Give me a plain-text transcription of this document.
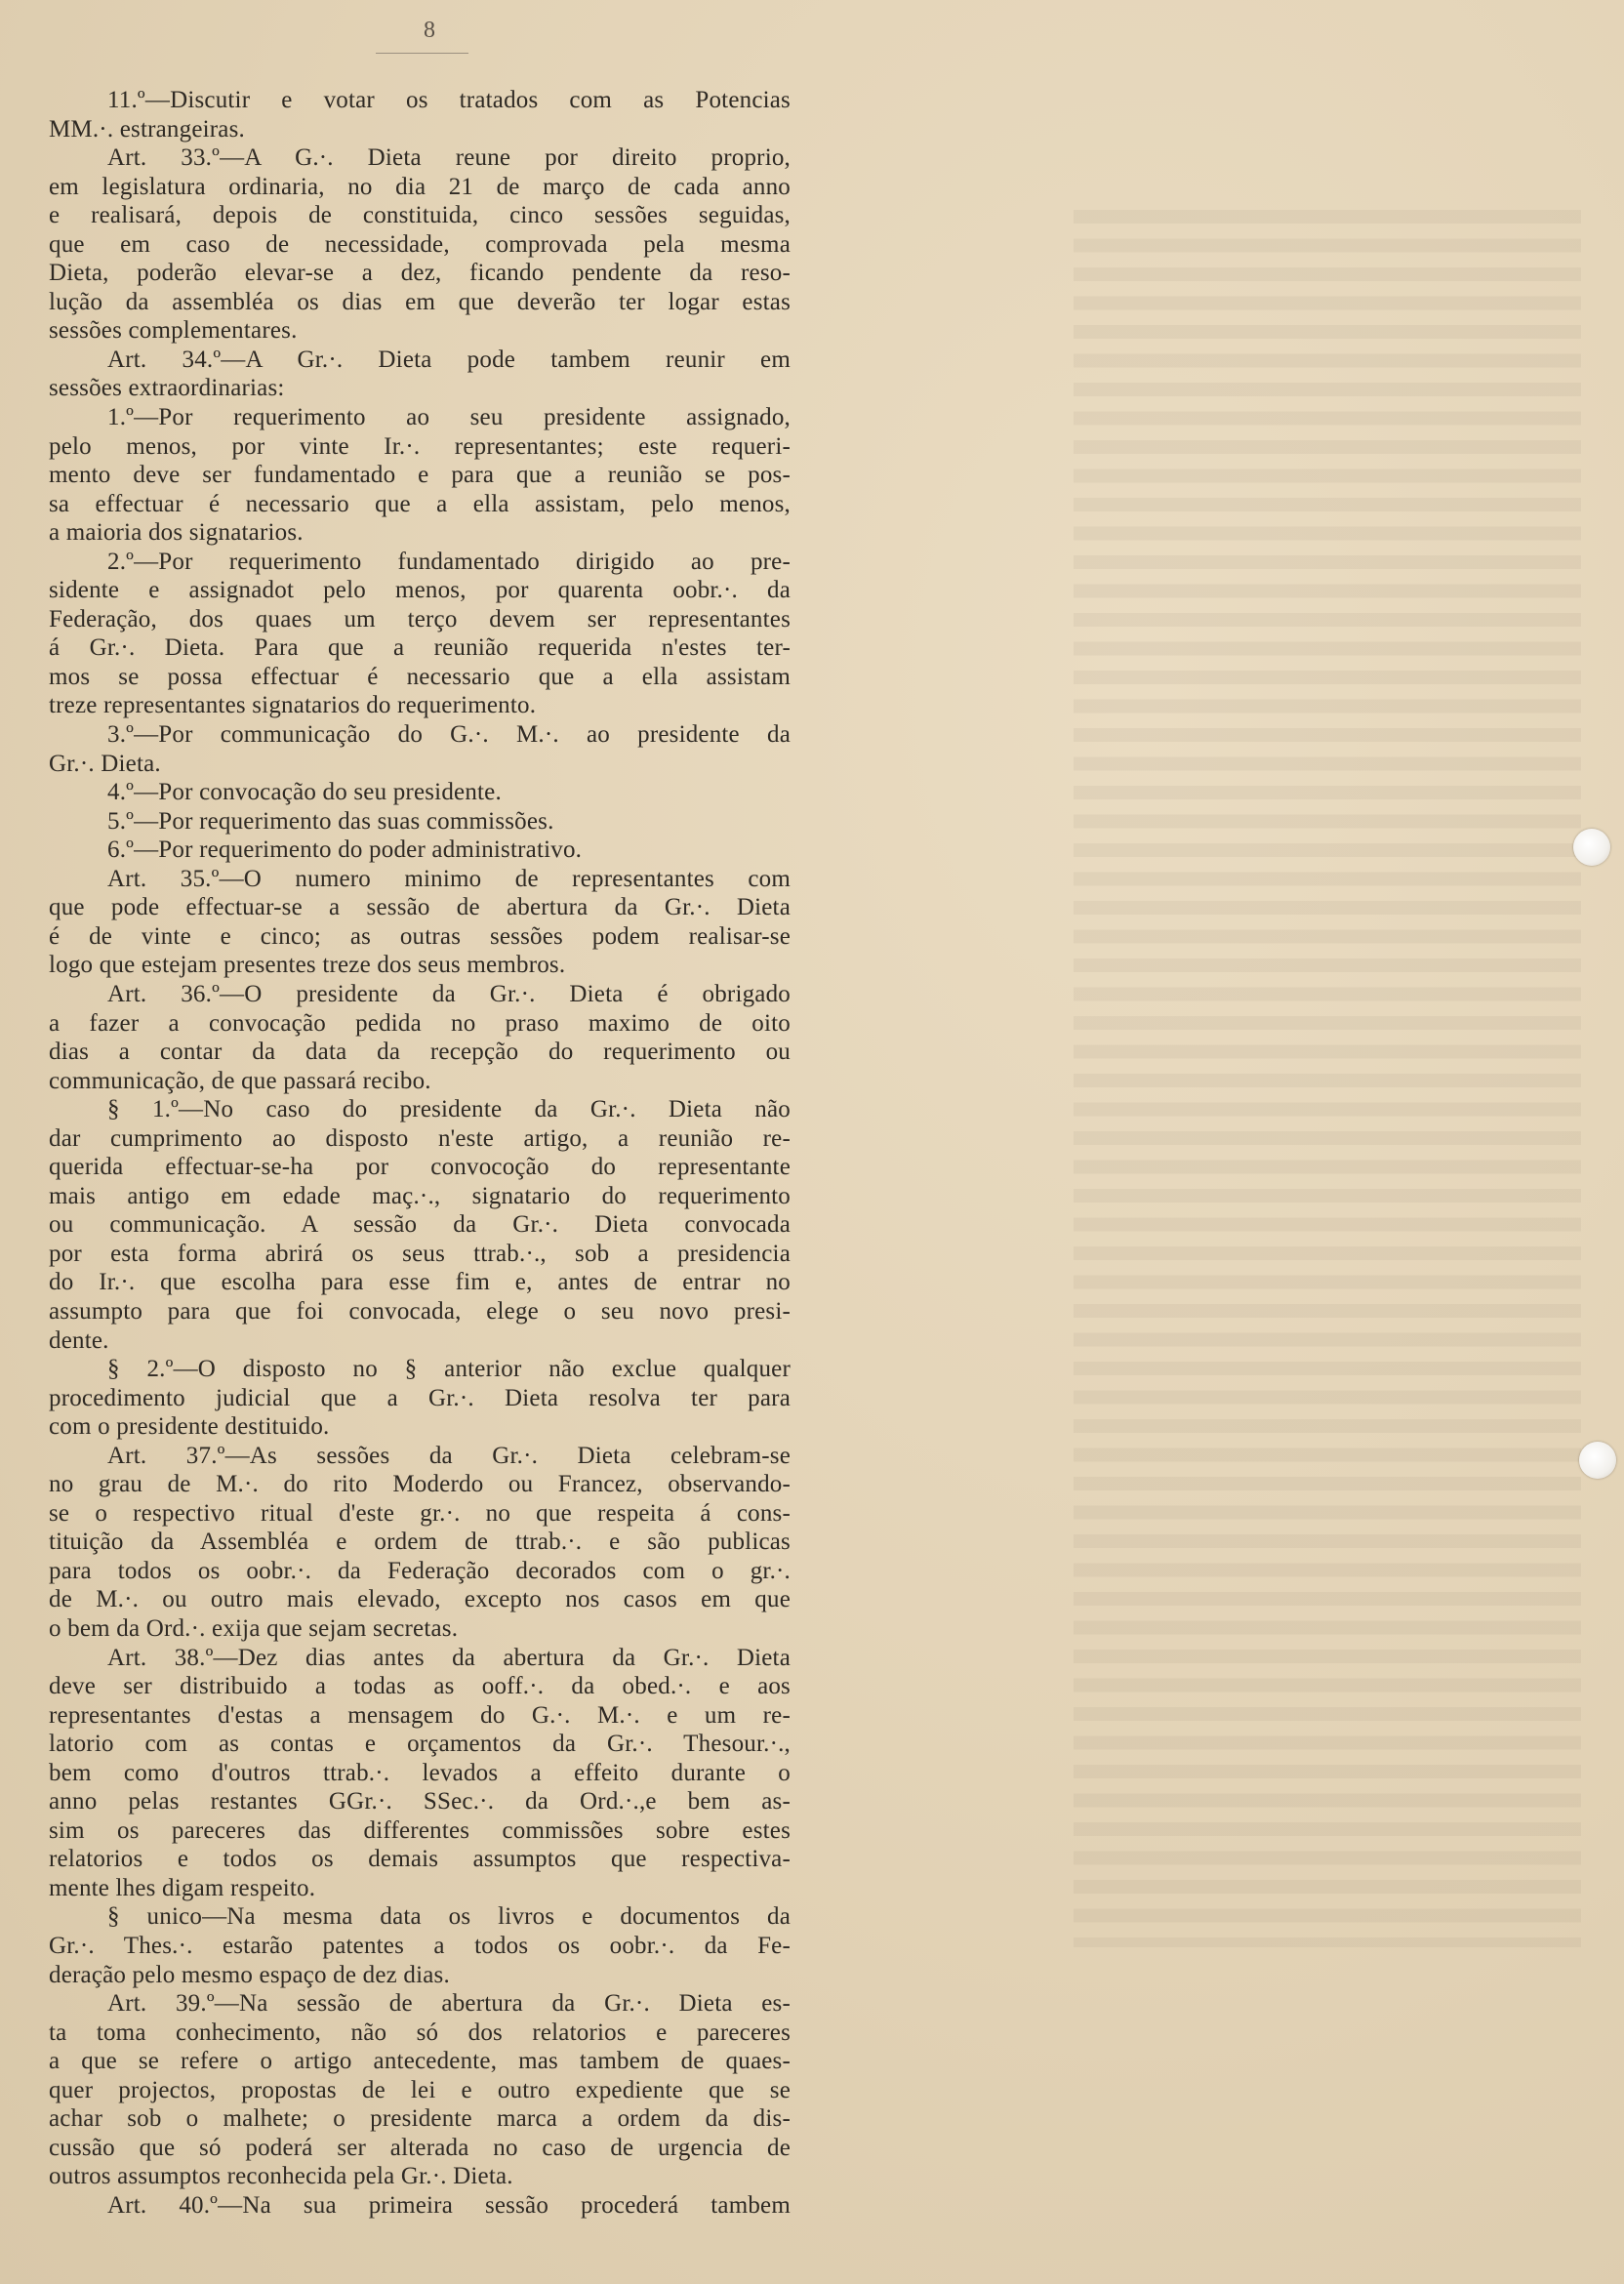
8

11.º—Discutir e votar os tratados com as Potencias
MM.·. estrangeiras.
Art. 33.º—A G.·. Dieta reune por direito proprio,
em legislatura ordinaria, no dia 21 de março de cada anno
e realisará, depois de constituida, cinco sessões seguidas,
que em caso de necessidade, comprovada pela mesma
Dieta, poderão elevar-se a dez, ficando pendente da reso-
lução da assembléa os dias em que deverão ter logar estas
sessões complementares.
Art. 34.º—A Gr.·. Dieta pode tambem reunir em
sessões extraordinarias:
1.º—Por requerimento ao seu presidente assignado,
pelo menos, por vinte Ir.·. representantes; este requeri-
mento deve ser fundamentado e para que a reunião se pos-
sa effectuar é necessario que a ella assistam, pelo menos,
a maioria dos signatarios.
2.º—Por requerimento fundamentado dirigido ao pre-
sidente e assignadot pelo menos, por quarenta oobr.·. da
Federação, dos quaes um terço devem ser representantes
á Gr.·. Dieta. Para que a reunião requerida n'estes ter-
mos se possa effectuar é necessario que a ella assistam
treze representantes signatarios do requerimento.
3.º—Por communicação do G.·. M.·. ao presidente da
Gr.·. Dieta.
4.º—Por convocação do seu presidente.
5.º—Por requerimento das suas commissões.
6.º—Por requerimento do poder administrativo.
Art. 35.º—O numero minimo de representantes com
que pode effectuar-se a sessão de abertura da Gr.·. Dieta
é de vinte e cinco; as outras sessões podem realisar-se
logo que estejam presentes treze dos seus membros.
Art. 36.º—O presidente da Gr.·. Dieta é obrigado
a fazer a convocação pedida no praso maximo de oito
dias a contar da data da recepção do requerimento ou
communicação, de que passará recibo.
§ 1.º—No caso do presidente da Gr.·. Dieta não
dar cumprimento ao disposto n'este artigo, a reunião re-
querida effectuar-se-ha por convocoção do representante
mais antigo em edade maç.·., signatario do requerimento
ou communicação. A sessão da Gr.·. Dieta convocada
por esta forma abrirá os seus ttrab.·., sob a presidencia
do Ir.·. que escolha para esse fim e, antes de entrar no
assumpto para que foi convocada, elege o seu novo presi-
dente.
§ 2.º—O disposto no § anterior não exclue qualquer
procedimento judicial que a Gr.·. Dieta resolva ter para
com o presidente destituido.
Art. 37.º—As sessões da Gr.·. Dieta celebram-se
no grau de M.·. do rito Moderdo ou Francez, observando-
se o respectivo ritual d'este gr.·. no que respeita á cons-
tituição da Assembléa e ordem de ttrab.·. e são publicas
para todos os oobr.·. da Federação decorados com o gr.·.
de M.·. ou outro mais elevado, excepto nos casos em que
o bem da Ord.·. exija que sejam secretas.
Art. 38.º—Dez dias antes da abertura da Gr.·. Dieta
deve ser distribuido a todas as ooff.·. da obed.·. e aos
representantes d'estas a mensagem do G.·. M.·. e um re-
latorio com as contas e orçamentos da Gr.·. Thesour.·.,
bem como d'outros ttrab.·. levados a effeito durante o
anno pelas restantes GGr.·. SSec.·. da Ord.·.,e bem as-
sim os pareceres das differentes commissões sobre estes
relatorios e todos os demais assumptos que respectiva-
mente lhes digam respeito.
§ unico—Na mesma data os livros e documentos da
Gr.·. Thes.·. estarão patentes a todos os oobr.·. da Fe-
deração pelo mesmo espaço de dez dias.
Art. 39.º—Na sessão de abertura da Gr.·. Dieta es-
ta toma conhecimento, não só dos relatorios e pareceres
a que se refere o artigo antecedente, mas tambem de quaes-
quer projectos, propostas de lei e outro expediente que se
achar sob o malhete; o presidente marca a ordem da dis-
cussão que só poderá ser alterada no caso de urgencia de
outros assumptos reconhecida pela Gr.·. Dieta.
Art. 40.º—Na sua primeira sessão procederá tambem
